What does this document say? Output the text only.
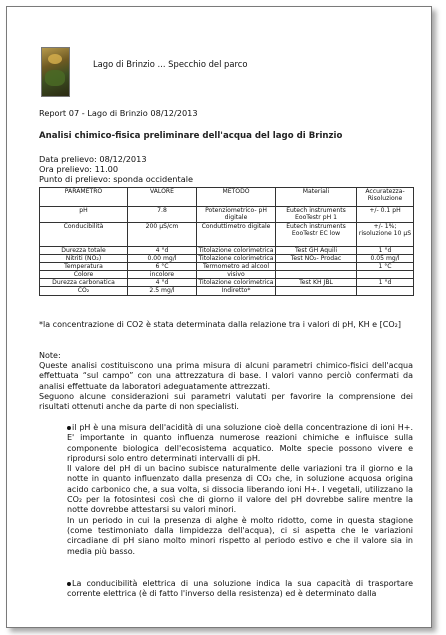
Lago di Brinzio ... Specchio del parco
Report 07 - Lago di Brinzio 08/12/2013
Analisi chimico-fisica preliminare dell'acqua del lago di Brinzio
Data prelievo: 08/12/2013
Ora prelievo: 11.00
Punto di prelievo: sponda occidentale
PARAMETRO	VALORE	METODO	Materiali	Accuratezza-Risoluzione
pH	7.8	Potenziometrico- pH digitale	Eutech instruments EooTestr pH 1	+/- 0.1 pH
Conducibilità	200 μS/cm	Conduttimetro digitale	Eutech instruments EooTestr EC low	+/- 1%; risoluzione 10 μS
Durezza totale	4 °d	Titolazione colorimetrica	Test GH Aquili	1 °d
Nitriti (NO₂)	0.00 mg/l	Titolazione colorimetrica	Test NO₂- Prodac	0.05 mg/l
Temperatura	6 °C	Termometro ad alcool		1 °C
Colore	incolore	visivo		
Durezza carbonatica	4 °d	Titolazione colorimetrica	Test KH JBL	1 °d
CO₂	2.5 mg/l	Indiretto*		
*la concentrazione di CO2 è stata determinata dalla relazione tra i valori di pH, KH e [CO₂]

Note:

Queste analisi costituiscono una prima misura di alcuni parametri chimico-fisici dell'acqua effettuata “sul campo” con una attrezzatura di base. I valori vanno perciò confermati da analisi effettuate da laboratori adeguatamente attrezzati.

Seguono alcune considerazioni sui parametri valutati per favorire la comprensione dei risultati ottenuti anche da parte di non specialisti.

il pH è una misura dell'acidità di una soluzione cioè della concentrazione di ioni H+. E' importante in quanto influenza numerose reazioni chimiche e influisce sulla componente biologica dell'ecosistema acquatico. Molte specie possono vivere e riprodursi solo entro determinati intervalli di pH.

Il valore del pH di un bacino subisce naturalmente delle variazioni tra il giorno e la notte in quanto influenzato dalla presenza di CO₂ che, in soluzione acquosa origina acido carbonico che, a sua volta, si dissocia liberando ioni H+. I vegetali, utilizzano la CO₂ per la fotosintesi così che di giorno il valore del pH dovrebbe salire mentre la notte dovrebbe attestarsi su valori minori.

In un periodo in cui la presenza di alghe è molto ridotto, come in questa stagione (come testimoniato dalla limpidezza dell'acqua), ci si aspetta che le variazioni circadiane di pH siano molto minori rispetto al periodo estivo e che il valore sia in media più basso.

La conducibilità elettrica di una soluzione indica la sua capacità di trasportare corrente elettrica (è di fatto l'inverso della resistenza) ed è determinato dalla
